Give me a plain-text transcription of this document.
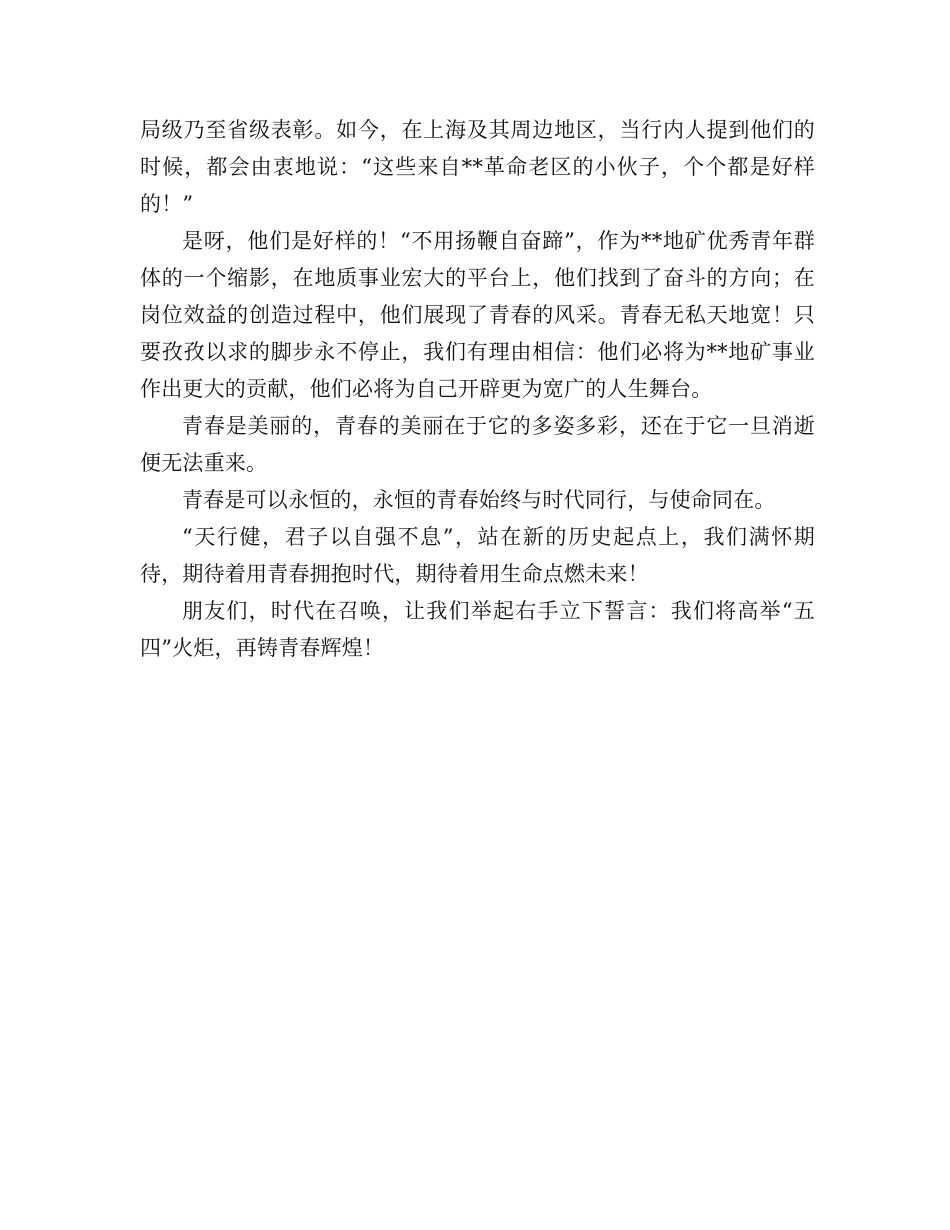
局级乃至省级表彰。如今，在上海及其周边地区，当行内人提到他们的时候，都会由衷地说：“这些来自**革命老区的小伙子，个个都是好样的！”

是呀，他们是好样的！“不用扬鞭自奋蹄”，作为**地矿优秀青年群体的一个缩影，在地质事业宏大的平台上，他们找到了奋斗的方向；在岗位效益的创造过程中，他们展现了青春的风采。青春无私天地宽！只要孜孜以求的脚步永不停止，我们有理由相信：他们必将为**地矿事业作出更大的贡献，他们必将为自己开辟更为宽广的人生舞台。

青春是美丽的，青春的美丽在于它的多姿多彩，还在于它一旦消逝便无法重来。

青春是可以永恒的，永恒的青春始终与时代同行，与使命同在。

“天行健，君子以自强不息”，站在新的历史起点上，我们满怀期待，期待着用青春拥抱时代，期待着用生命点燃未来！

朋友们，时代在召唤，让我们举起右手立下誓言：我们将高举“五四”火炬，再铸青春辉煌！
